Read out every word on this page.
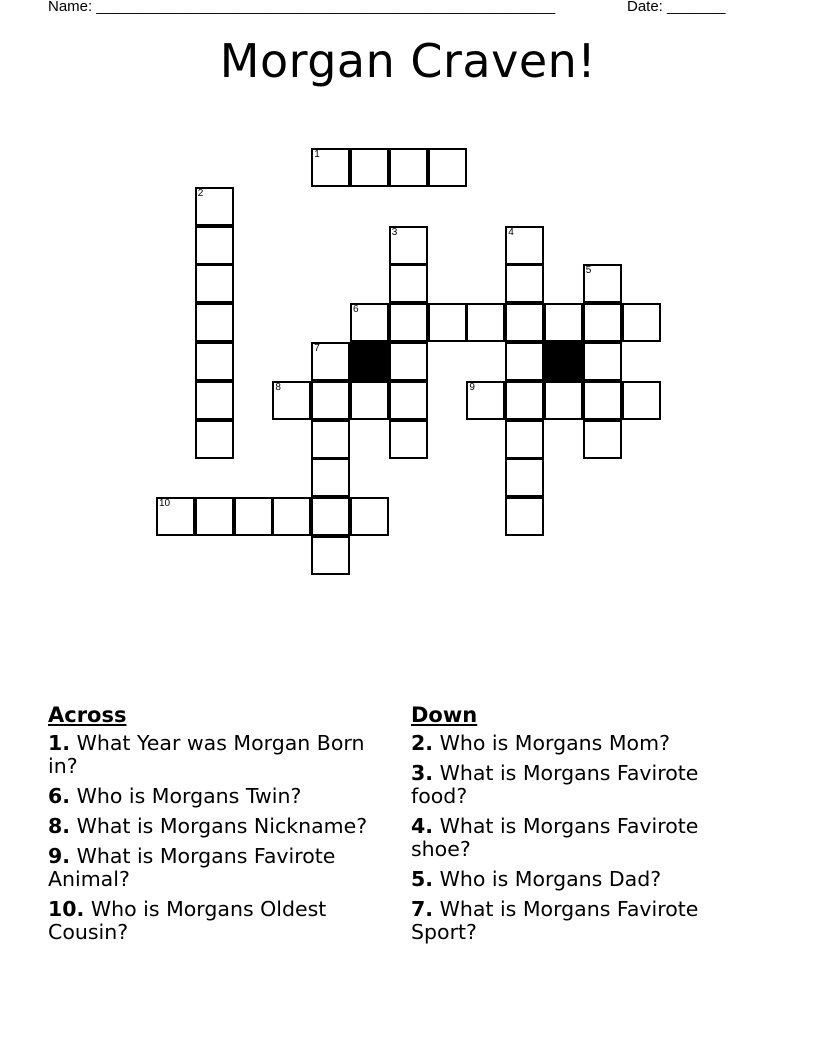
Name: _______________________________________________________	Date: _______
Morgan Craven!
1
2
3	4
5
6
7
8	9
10
Across
1. What Year was Morgan Born in?
6. Who is Morgans Twin?
8. What is Morgans Nickname?
9. What is Morgans Favirote Animal?
10. Who is Morgans Oldest Cousin?
Down
2. Who is Morgans Mom?
3. What is Morgans Favirote food?
4. What is Morgans Favirote shoe?
5. Who is Morgans Dad?
7. What is Morgans Favirote Sport?
